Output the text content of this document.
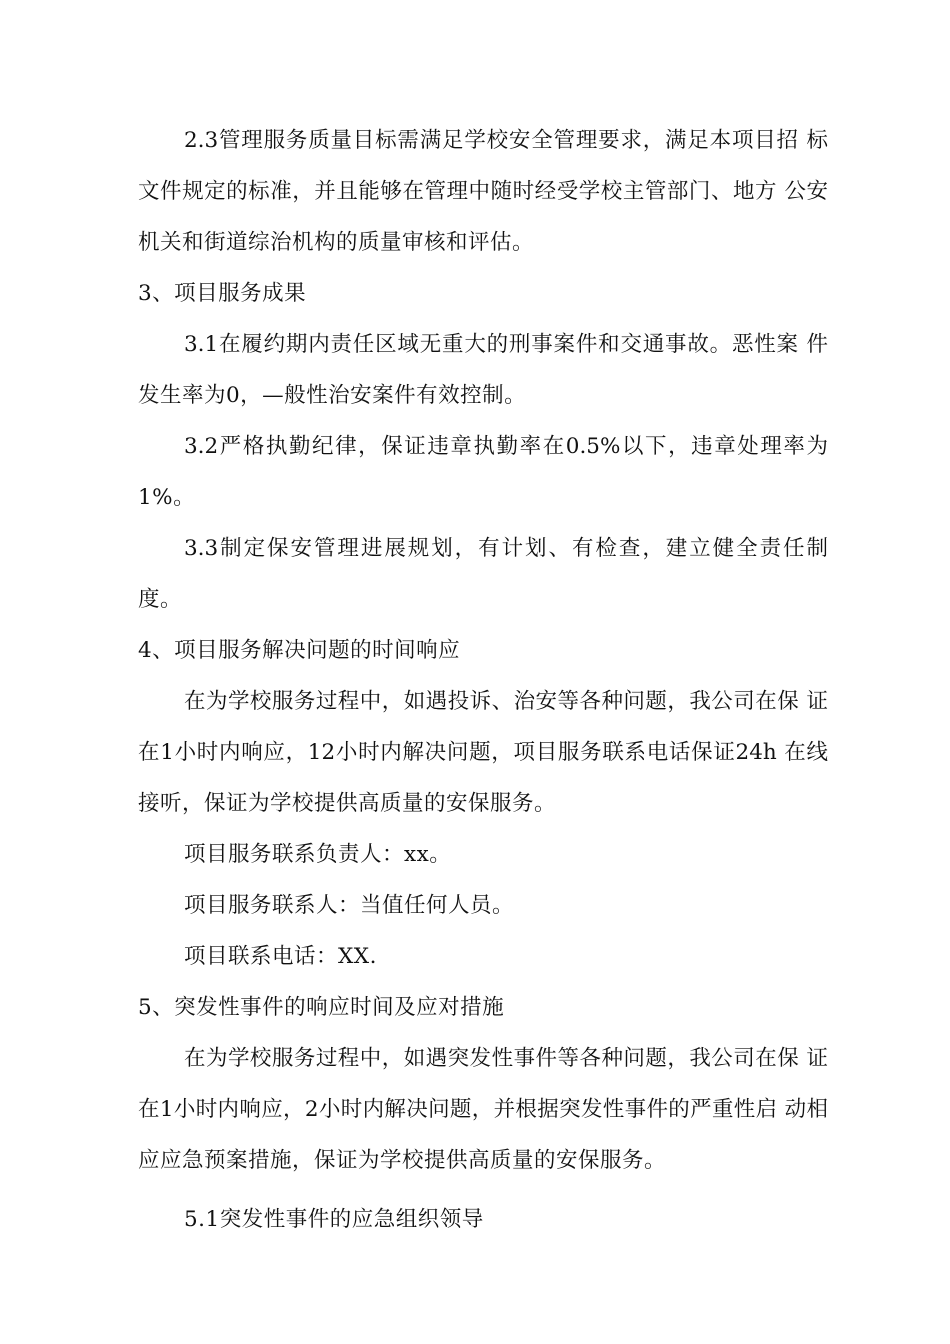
2.3管理服务质量目标需满足学校安全管理要求，满足本项目招 标
文件规定的标准，并且能够在管理中随时经受学校主管部门、地方 公安
机关和街道综治机构的质量审核和评估。
3、项目服务成果
3.1在履约期内责任区域无重大的刑事案件和交通事故。恶性案 件
发生率为0，—般性治安案件有效控制。
3.2严格执勤纪律，保证违章执勤率在0.5%以下，违章处理率为
1%。
3.3制定保安管理进展规划，有计划、有检查，建立健全责任制
度。
4、项目服务解决问题的时间响应
在为学校服务过程中，如遇投诉、治安等各种问题，我公司在保 证
在1小时内响应，12小时内解决问题，项目服务联系电话保证24h 在线
接听，保证为学校提供高质量的安保服务。
项目服务联系负责人：xx。
项目服务联系人：当值任何人员。
项目联系电话：XX.
5、突发性事件的响应时间及应对措施
在为学校服务过程中，如遇突发性事件等各种问题，我公司在保 证
在1小时内响应，2小时内解决问题，并根据突发性事件的严重性启 动相
应应急预案措施，保证为学校提供高质量的安保服务。
5.1突发性事件的应急组织领导
